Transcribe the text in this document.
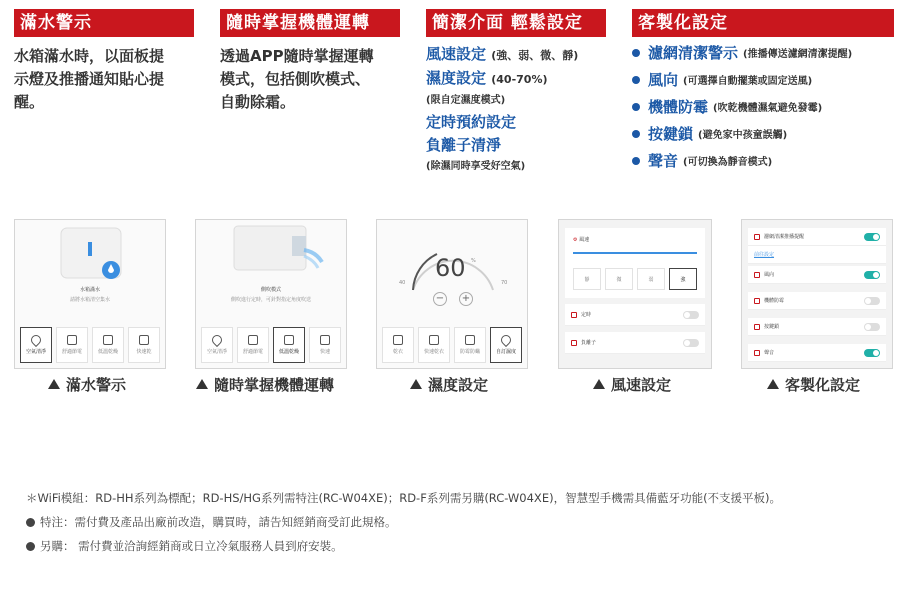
滿水警示
水箱滿水時，以面板提
示燈及推播通知貼心提
醒。
隨時掌握機體運轉
透過APP隨時掌握運轉
模式，包括側吹模式、
自動除霜。
簡潔介面 輕鬆設定
風速設定 (強、弱、微、靜)
濕度設定 (40-70%)
(限自定濕度模式)
定時預約設定
負離子清淨
(除濕同時享受好空氣)
客製化設定
濾網清潔警示 (推播傳送濾網清潔提醒)
風向 (可選擇自動擺葉或固定送風)
機體防霉 (吹乾機體濕氣避免發霉)
按鍵鎖 (避免家中孩童誤觸)
聲音 (可切換為靜音模式)
水箱滿水
請將水箱清空集水
空氣清淨	舒適節電	低溫乾燥	快速乾
滿水警示
側吹模式
側吹進行定時，可針對指定角度吹送
空氣清淨	舒適節電	低溫乾燥	快速
隨時掌握機體運轉
60 %
40	70
− +
乾衣	快速乾衣	防霉防蟎	自訂濕度
濕度設定
⚙ 風速
靜	微	弱	強
定時
負離子
風速設定
濾網清潔推播提醒
前往設定
風向
機體防霉
按鍵鎖
聲音
客製化設定
＊WiFi模組：RD-HH系列為標配；RD-HS/HG系列需特注(RC-W04XE)；RD-F系列需另購(RC-W04XE)，智慧型手機需具備藍牙功能(不支援平板)。
特注：需付費及產品出廠前改造，購買時，請告知經銷商受訂此規格。
另購： 需付費並洽詢經銷商或日立冷氣服務人員到府安裝。
